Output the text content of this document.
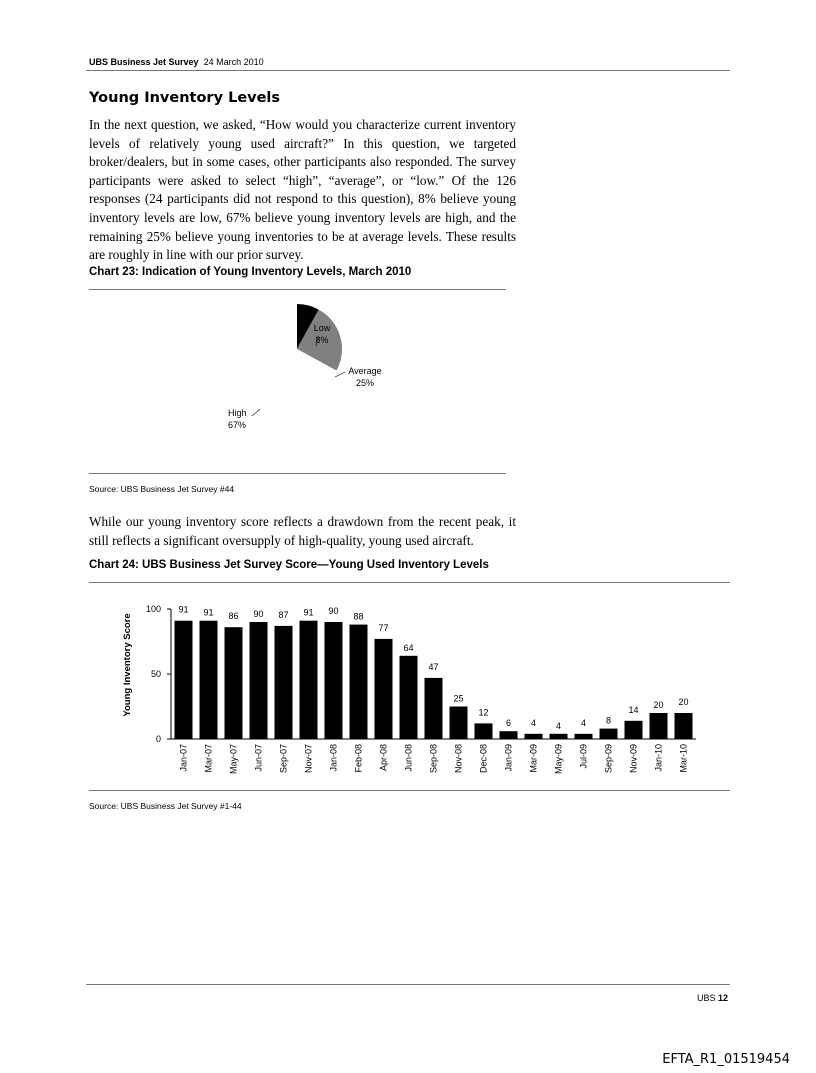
UBS Business Jet Survey 24 March 2010
Young Inventory Levels
In the next question, we asked, “How would you characterize current inventory levels of relatively young used aircraft?” In this question, we targeted broker/dealers, but in some cases, other participants also responded. The survey participants were asked to select “high”, “average”, or “low.” Of the 126 responses (24 participants did not respond to this question), 8% believe young inventory levels are low, 67% believe young inventory levels are high, and the remaining 25% believe young inventories to be at average levels. These results are roughly in line with our prior survey.
Chart 23: Indication of Young Inventory Levels, March 2010
Low
8%
Average
25%
High
67%
Source: UBS Business Jet Survey #44
While our young inventory score reflects a drawdown from the recent peak, it still reflects a significant oversupply of high-quality, young used aircraft.
Chart 24: UBS Business Jet Survey Score—Young Used Inventory Levels
Young Inventory Score
0
50
100 91
Jan-07
91
Mar-07
86
May-07
90
Jun-07
87
Sep-07
91
Nov-07
90
Jan-08
88
Feb-08
77
Apr-08
64
Jun-08
47
Sep-08
25
Nov-08
12
Dec-08
6
Jan-09
4
Mar-09
4
May-09
4
Jul-09
8
Sep-09
14
Nov-09
20
Jan-10
20
Mar-10
Source: UBS Business Jet Survey #1-44
UBS 12
EFTA_R1_01519454
